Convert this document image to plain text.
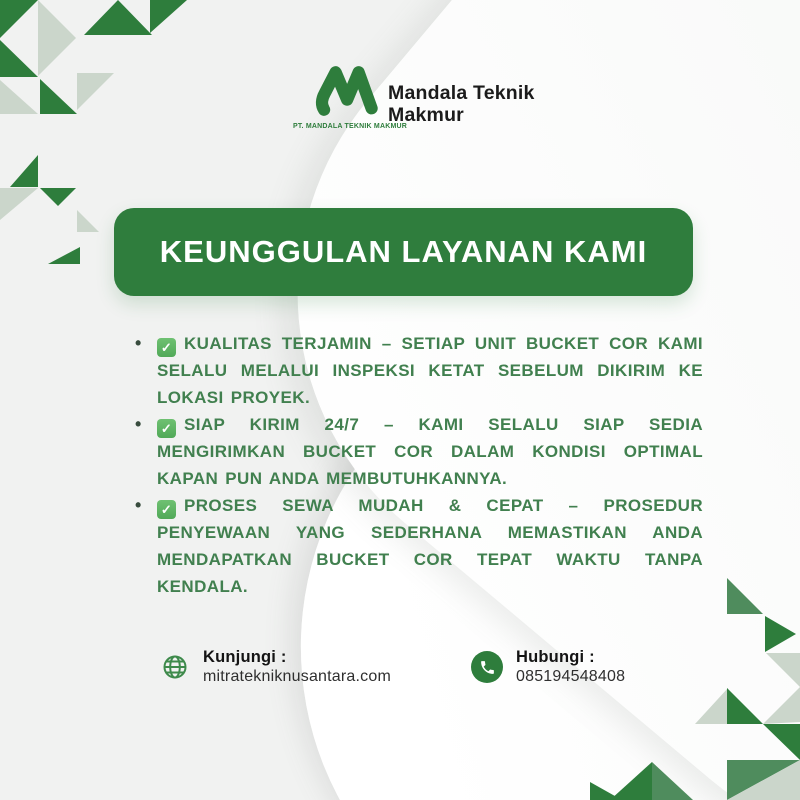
PT. MANDALA TEKNIK MAKMUR
Mandala Teknik
Makmur
KEUNGGULAN LAYANAN KAMI
• ✓ KUALITAS TERJAMIN – SETIAP UNIT BUCKET COR KAMI SELALU MELALUI INSPEKSI KETAT SEBELUM DIKIRIM KE LOKASI PROYEK.
• ✓ SIAP KIRIM 24/7 – KAMI SELALU SIAP SEDIA MENGIRIMKAN BUCKET COR DALAM KONDISI OPTIMAL KAPAN PUN ANDA MEMBUTUHKANNYA.
• ✓ PROSES SEWA MUDAH & CEPAT – PROSEDUR PENYEWAAN YANG SEDERHANA MEMASTIKAN ANDA MENDAPATKAN BUCKET COR TEPAT WAKTU TANPA KENDALA.
Kunjungi :
mitratekniknusantara.com
Hubungi :
085194548408
